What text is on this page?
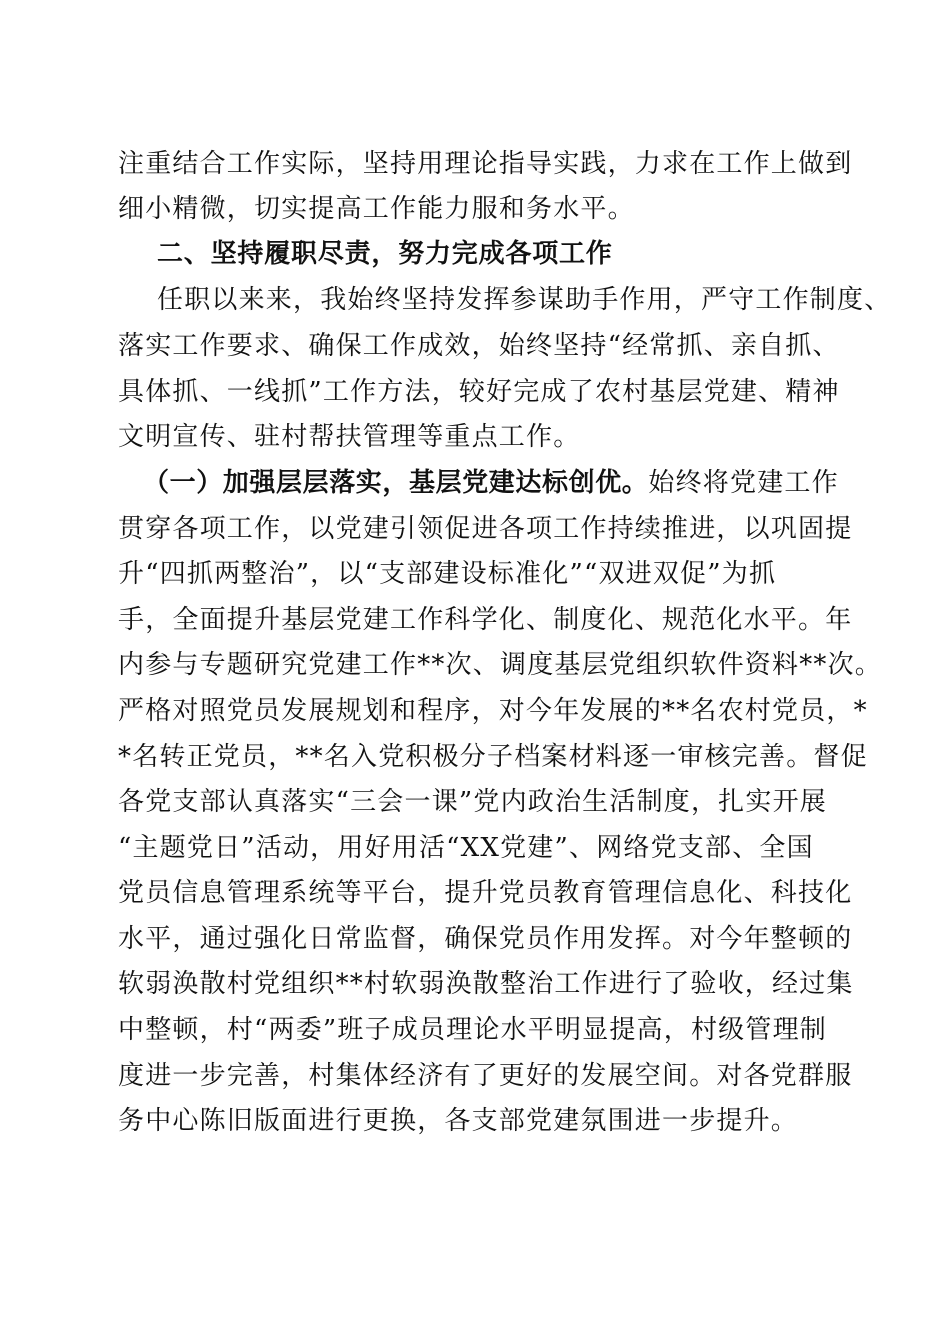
注重结合工作实际，坚持用理论指导实践，力求在工作上做到
细小精微，切实提高工作能力服和务水平。
二、坚持履职尽责，努力完成各项工作
任职以来来，我始终坚持发挥参谋助手作用，严守工作制度、
落实工作要求、确保工作成效，始终坚持“经常抓、亲自抓、
具体抓、一线抓”工作方法，较好完成了农村基层党建、精神
文明宣传、驻村帮扶管理等重点工作。
（一）加强层层落实，基层党建达标创优。始终将党建工作
贯穿各项工作，以党建引领促进各项工作持续推进，以巩固提
升“四抓两整治”，以“支部建设标准化”“双进双促”为抓
手，全面提升基层党建工作科学化、制度化、规范化水平。年
内参与专题研究党建工作**次、调度基层党组织软件资料**次。
严格对照党员发展规划和程序，对今年发展的**名农村党员，*
*名转正党员，**名入党积极分子档案材料逐一审核完善。督促
各党支部认真落实“三会一课”党内政治生活制度，扎实开展
“主题党日”活动，用好用活“XX党建”、网络党支部、全国
党员信息管理系统等平台，提升党员教育管理信息化、科技化
水平，通过强化日常监督，确保党员作用发挥。对今年整顿的
软弱涣散村党组织**村软弱涣散整治工作进行了验收，经过集
中整顿，村“两委”班子成员理论水平明显提高，村级管理制
度进一步完善，村集体经济有了更好的发展空间。对各党群服
务中心陈旧版面进行更换，各支部党建氛围进一步提升。
